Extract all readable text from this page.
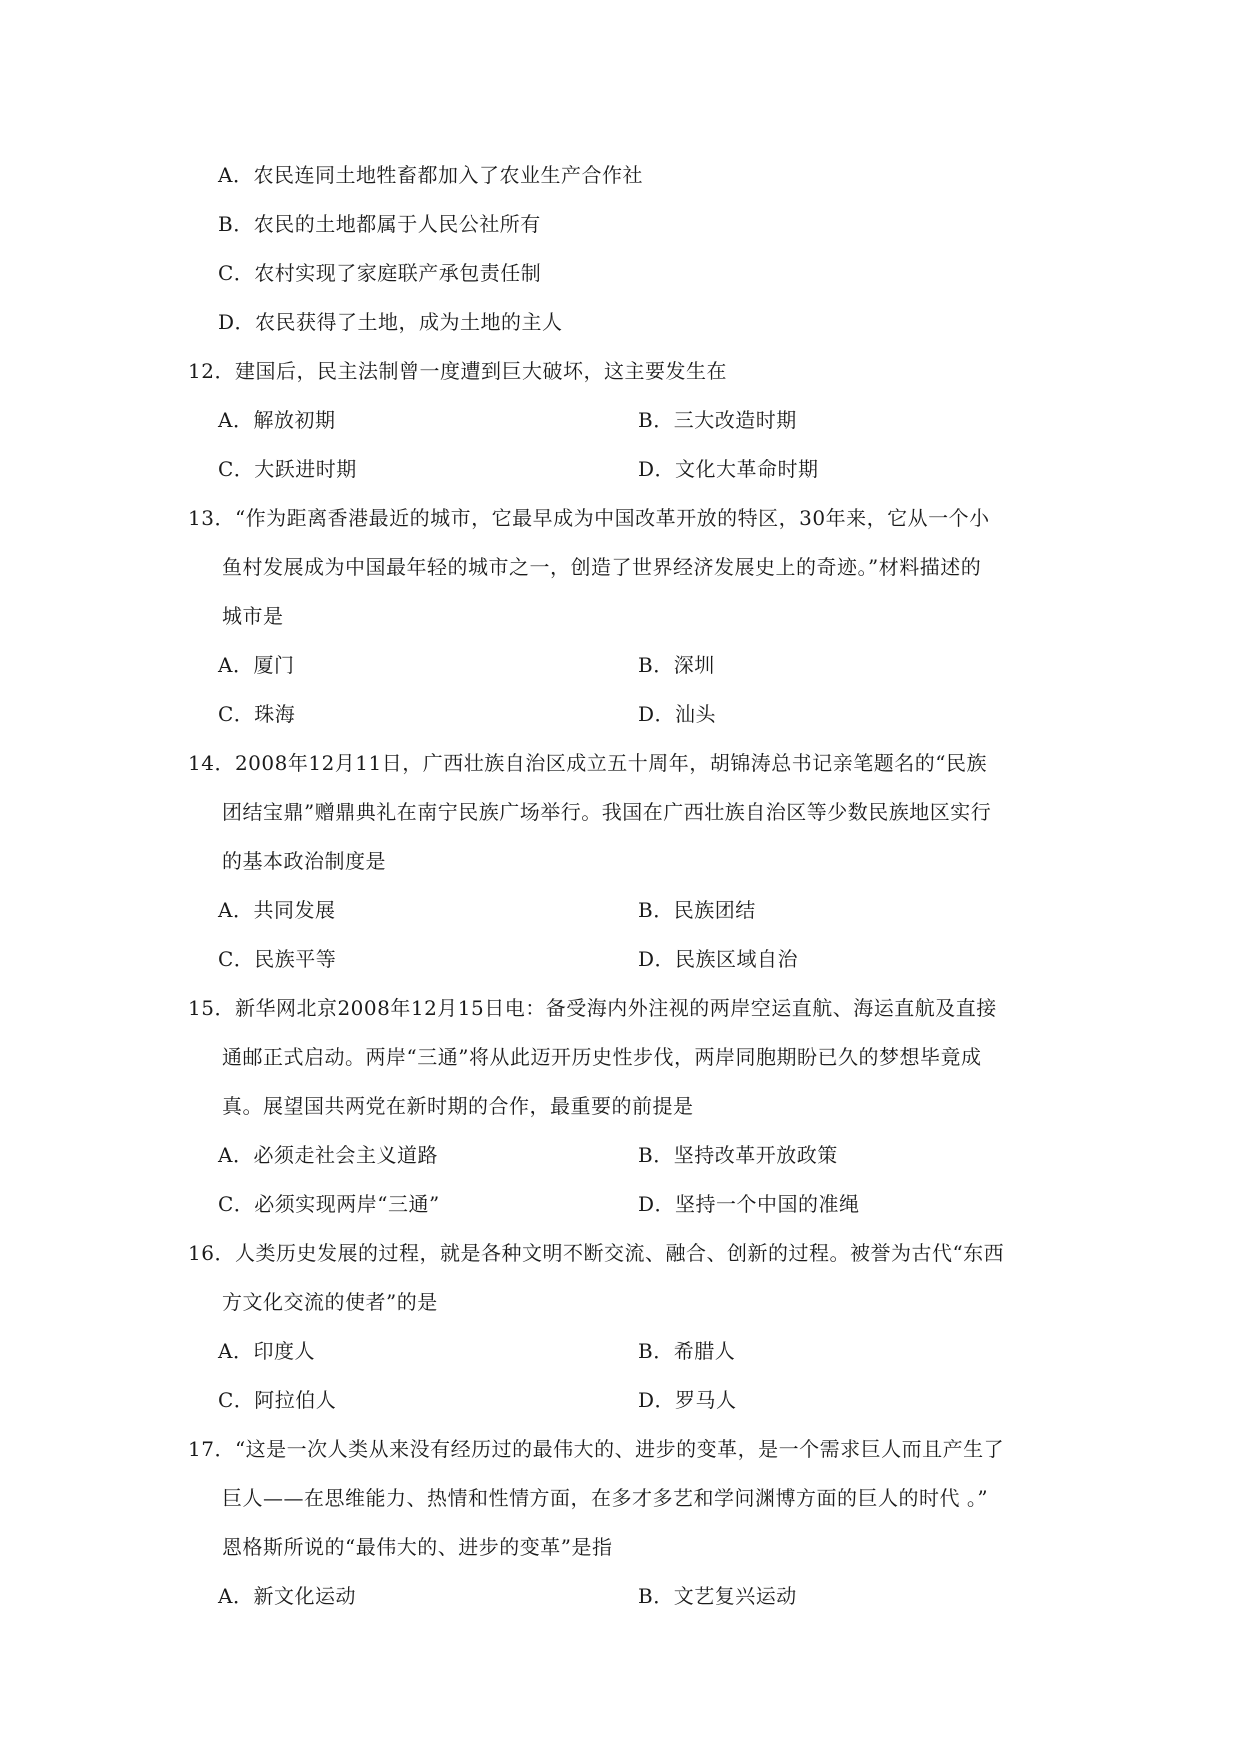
A．农民连同土地牲畜都加入了农业生产合作社
B．农民的土地都属于人民公社所有
C．农村实现了家庭联产承包责任制
D．农民获得了土地，成为土地的主人
12．建国后，民主法制曾一度遭到巨大破坏，这主要发生在
A．解放初期	B．三大改造时期
C．大跃进时期	D．文化大革命时期
13．“作为距离香港最近的城市，它最早成为中国改革开放的特区，30年来，它从一个小
鱼村发展成为中国最年轻的城市之一，创造了世界经济发展史上的奇迹。”材料描述的
城市是
A．厦门	B．深圳
C．珠海	D．汕头
14．2008年12月11日，广西壮族自治区成立五十周年，胡锦涛总书记亲笔题名的“民族
团结宝鼎”赠鼎典礼在南宁民族广场举行。我国在广西壮族自治区等少数民族地区实行
的基本政治制度是
A．共同发展	B．民族团结
C．民族平等	D．民族区域自治
15．新华网北京2008年12月15日电：备受海内外注视的两岸空运直航、海运直航及直接
通邮正式启动。两岸“三通”将从此迈开历史性步伐，两岸同胞期盼已久的梦想毕竟成
真。展望国共两党在新时期的合作，最重要的前提是
A．必须走社会主义道路	B．坚持改革开放政策
C．必须实现两岸“三通”	D．坚持一个中国的准绳
16．人类历史发展的过程，就是各种文明不断交流、融合、创新的过程。被誉为古代“东西
方文化交流的使者”的是
A．印度人	B．希腊人
C．阿拉伯人	D．罗马人
17．“这是一次人类从来没有经历过的最伟大的、进步的变革，是一个需求巨人而且产生了
巨人——在思维能力、热情和性情方面，在多才多艺和学问渊博方面的巨人的时代 。”
恩格斯所说的“最伟大的、进步的变革”是指
A．新文化运动	B．文艺复兴运动
